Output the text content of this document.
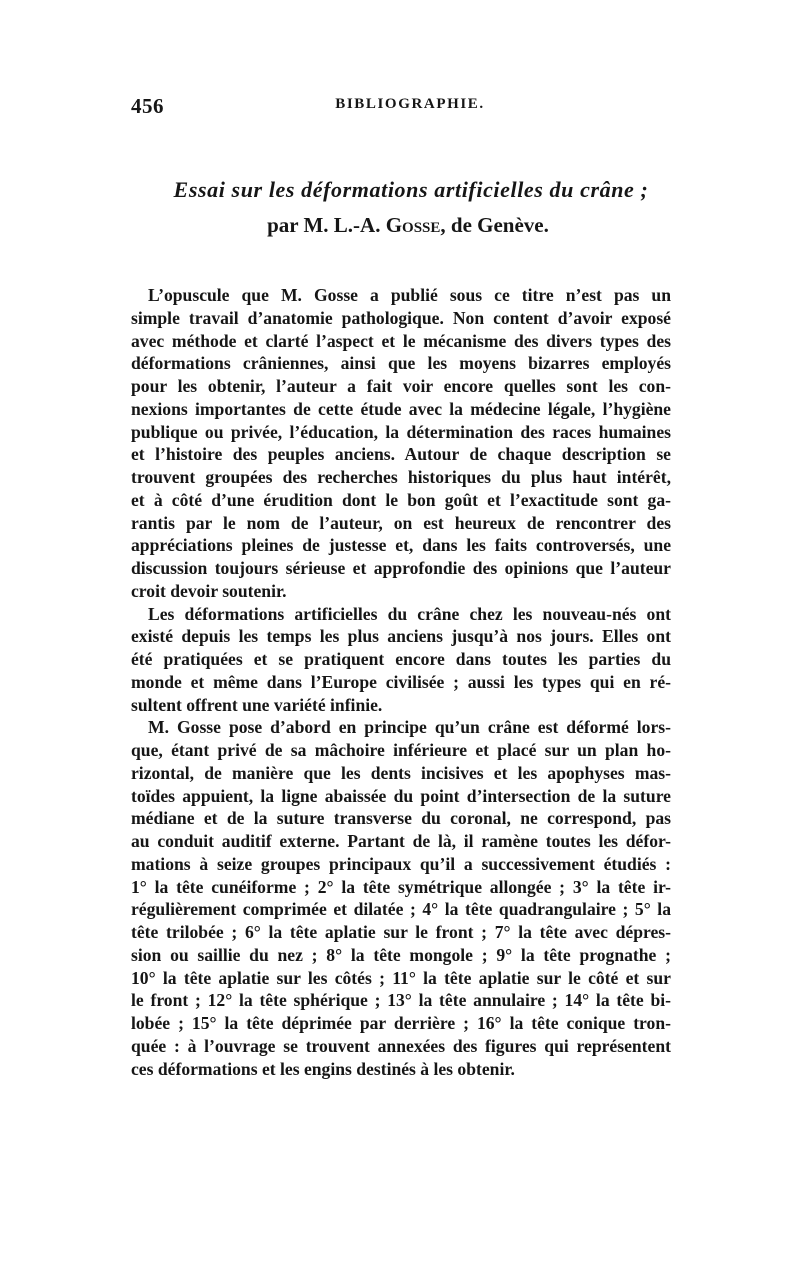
456	BIBLIOGRAPHIE.
Essai sur les déformations artificielles du crâne ;
par M. L.-A. Gosse, de Genève.
L’opuscule que M. Gosse a publié sous ce titre n’est pas un
simple travail d’anatomie pathologique. Non content d’avoir exposé
avec méthode et clarté l’aspect et le mécanisme des divers types des
déformations crâniennes, ainsi que les moyens bizarres employés
pour les obtenir, l’auteur a fait voir encore quelles sont les con-
nexions importantes de cette étude avec la médecine légale, l’hygiène
publique ou privée, l’éducation, la détermination des races humaines
et l’histoire des peuples anciens. Autour de chaque description se
trouvent groupées des recherches historiques du plus haut intérêt,
et à côté d’une érudition dont le bon goût et l’exactitude sont ga-
rantis par le nom de l’auteur, on est heureux de rencontrer des
appréciations pleines de justesse et, dans les faits controversés, une
discussion toujours sérieuse et approfondie des opinions que l’auteur
croit devoir soutenir.
Les déformations artificielles du crâne chez les nouveau-nés ont
existé depuis les temps les plus anciens jusqu’à nos jours. Elles ont
été pratiquées et se pratiquent encore dans toutes les parties du
monde et même dans l’Europe civilisée ; aussi les types qui en ré-
sultent offrent une variété infinie.
M. Gosse pose d’abord en principe qu’un crâne est déformé lors-
que, étant privé de sa mâchoire inférieure et placé sur un plan ho-
rizontal, de manière que les dents incisives et les apophyses mas-
toïdes appuient, la ligne abaissée du point d’intersection de la suture
médiane et de la suture transverse du coronal, ne correspond, pas
au conduit auditif externe. Partant de là, il ramène toutes les défor-
mations à seize groupes principaux qu’il a successivement étudiés :
1° la tête cunéiforme ; 2° la tête symétrique allongée ; 3° la tête ir-
régulièrement comprimée et dilatée ; 4° la tête quadrangulaire ; 5° la
tête trilobée ; 6° la tête aplatie sur le front ; 7° la tête avec dépres-
sion ou saillie du nez ; 8° la tête mongole ; 9° la tête prognathe ;
10° la tête aplatie sur les côtés ; 11° la tête aplatie sur le côté et sur
le front ; 12° la tête sphérique ; 13° la tête annulaire ; 14° la tête bi-
lobée ; 15° la tête déprimée par derrière ; 16° la tête conique tron-
quée : à l’ouvrage se trouvent annexées des figures qui représentent
ces déformations et les engins destinés à les obtenir.
